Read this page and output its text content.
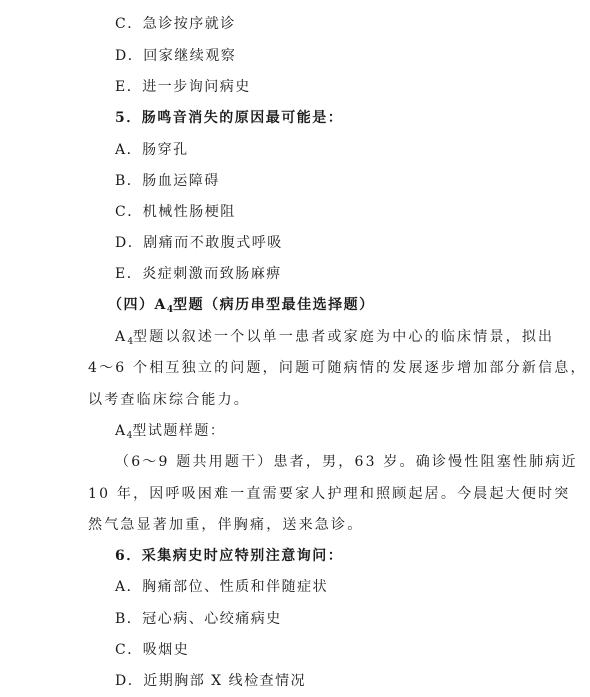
C．急诊按序就诊
D．回家继续观察
E．进一步询问病史
5．肠鸣音消失的原因最可能是：
A．肠穿孔
B．肠血运障碍
C．机械性肠梗阻
D．剧痛而不敢腹式呼吸
E．炎症刺激而致肠麻痹
（四）$A_4$型题（病历串型最佳选择题）
$A_4$型题以叙述一个以单一患者或家庭为中心的临床情景，拟出
4～6 个相互独立的问题，问题可随病情的发展逐步增加部分新信息，
以考查临床综合能力。
$A_4$型试题样题：
（6～9 题共用题干）患者，男，63 岁。确诊慢性阻塞性肺病近
10 年，因呼吸困难一直需要家人护理和照顾起居。今晨起大便时突
然气急显著加重，伴胸痛，送来急诊。
6．采集病史时应特别注意询问：
A．胸痛部位、性质和伴随症状
B．冠心病、心绞痛病史
C．吸烟史
D．近期胸部 X 线检查情况
